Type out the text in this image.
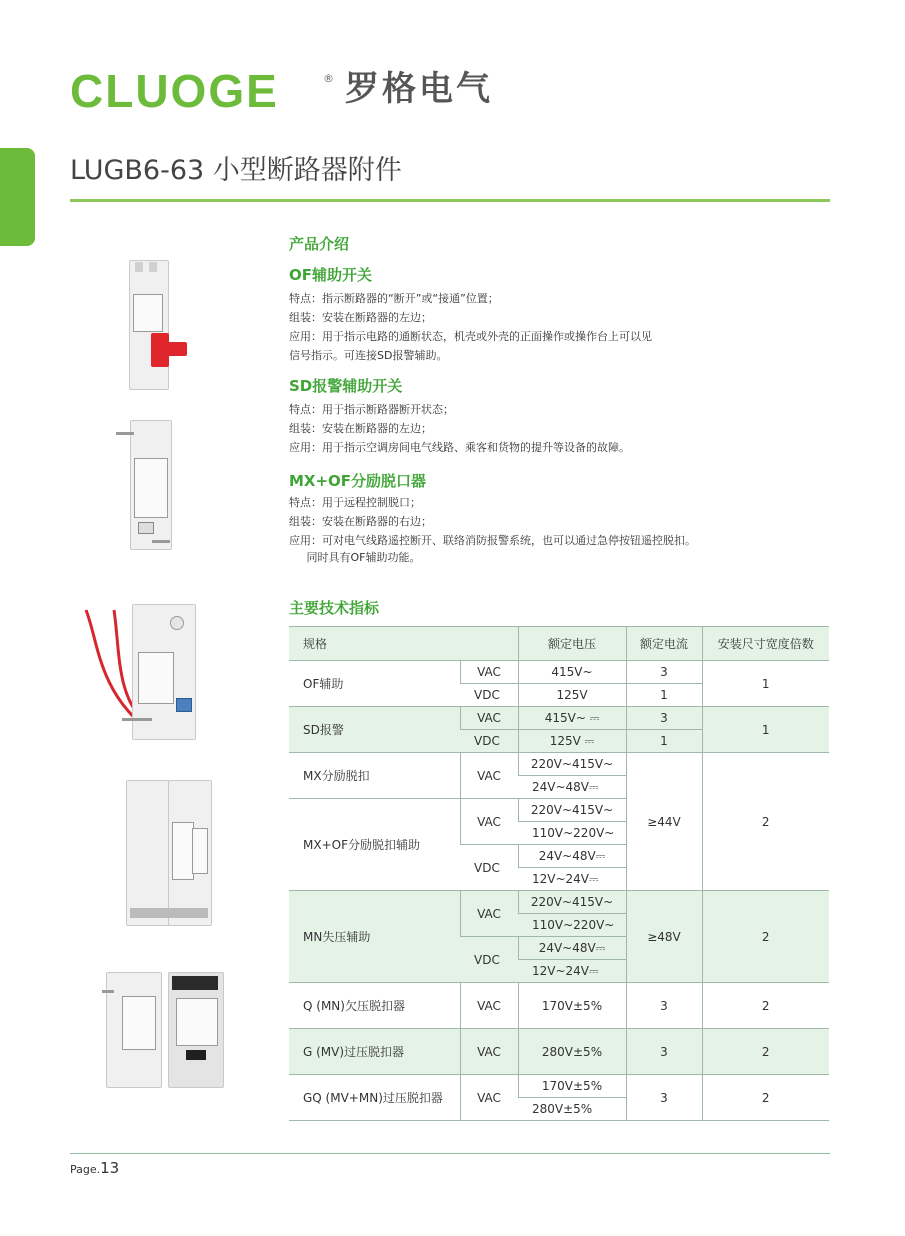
CLUOGE	® 罗格电气
LUGB6-63 小型断路器附件
产品介绍
OF辅助开关
特点：指示断路器的“断开”或“接通”位置；
组装：安装在断路器的左边；
应用：用于指示电路的通断状态，机壳或外壳的正面操作或操作台上可以见
信号指示。可连接SD报警辅助。
SD报警辅助开关
特点：用于指示断路器断开状态；
组装：安装在断路器的左边；
应用：用于指示空调房间电气线路、乘客和货物的提升等设备的故障。
MX+OF分励脱口器
特点：用于远程控制脱口；
组装：安装在断路器的右边；
应用：可对电气线路遥控断开、联络消防报警系统，也可以通过急停按钮遥控脱扣。
同时具有OF辅助功能。
主要技术指标
规格		额定电压	额定电流	安装尺寸宽度倍数
OF辅助	VAC	415V~	3	1
	VDC	125V	1	
SD报警	VAC	415V~ ⎓	3	1
	VDC	125V ⎓	1	
MX分励脱扣	VAC	220V~415V~	≥44V	2
		24V~48V⎓		
MX+OF分励脱扣辅助	VAC	220V~415V~		
		110V~220V~		
	VDC	24V~48V⎓		
		12V~24V⎓		
MN失压辅助	VAC	220V~415V~	≥48V	2
		110V~220V~		
	VDC	24V~48V⎓		
		12V~24V⎓		
Q (MN)欠压脱扣器	VAC	170V±5%	3	2
G (MV)过压脱扣器	VAC	280V±5%	3	2
GQ (MV+MN)过压脱扣器	VAC	170V±5%	3	2
		280V±5%		
Page.13
